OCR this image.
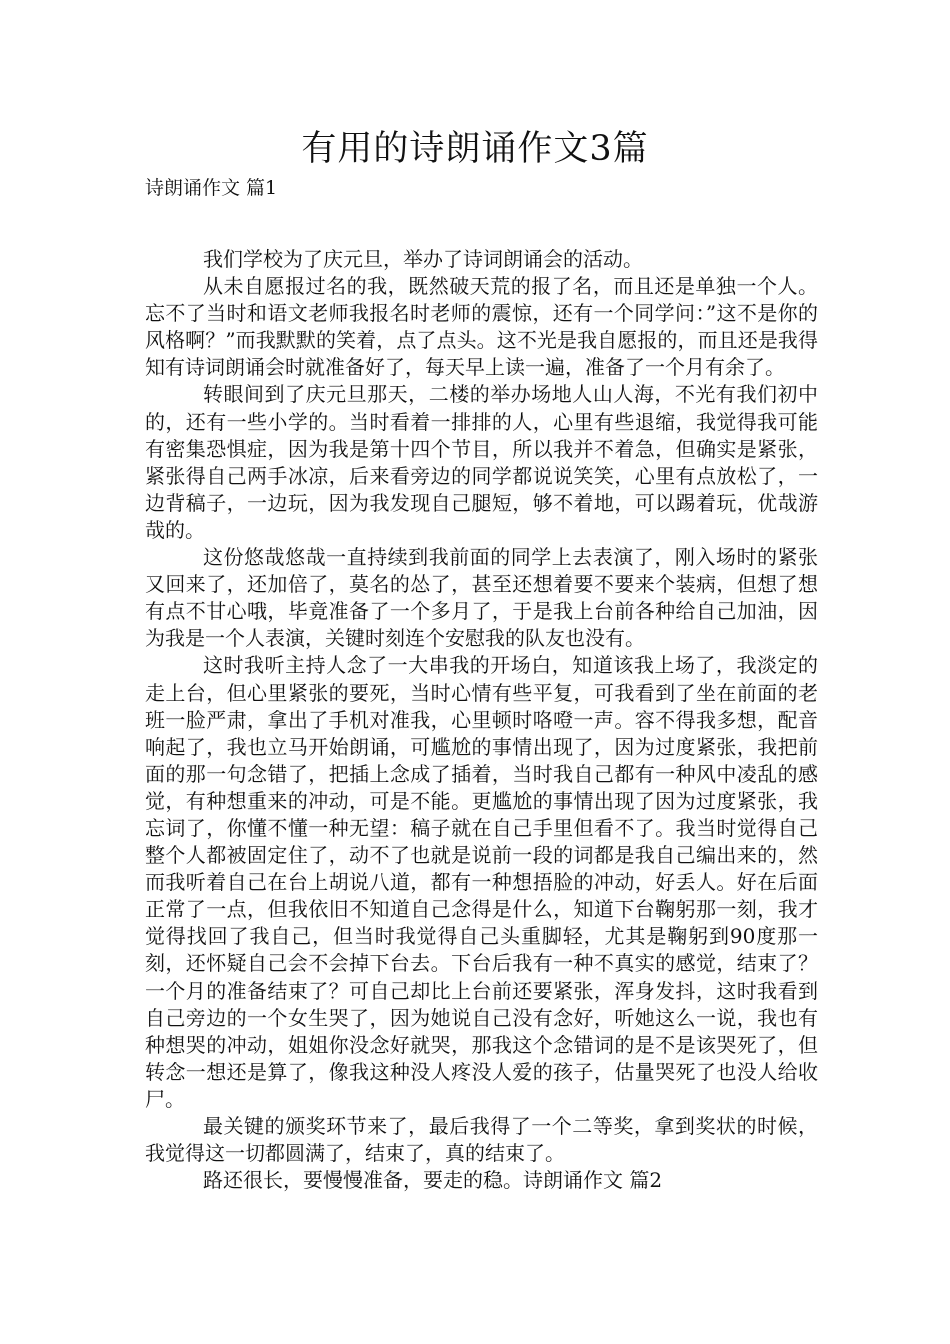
有用的诗朗诵作文3篇
诗朗诵作文 篇1

我们学校为了庆元旦，举办了诗词朗诵会的活动。

从未自愿报过名的我，既然破天荒的报了名，而且还是单独一个人。忘不了当时和语文老师我报名时老师的震惊，还有一个同学问：”这不是你的风格啊？”而我默默的笑着，点了点头。这不光是我自愿报的，而且还是我得知有诗词朗诵会时就准备好了，每天早上读一遍，准备了一个月有余了。

转眼间到了庆元旦那天，二楼的举办场地人山人海，不光有我们初中的，还有一些小学的。当时看着一排排的人，心里有些退缩，我觉得我可能有密集恐惧症，因为我是第十四个节目，所以我并不着急，但确实是紧张，紧张得自己两手冰凉，后来看旁边的同学都说说笑笑，心里有点放松了，一边背稿子，一边玩，因为我发现自己腿短，够不着地，可以踢着玩，优哉游哉的。

这份悠哉悠哉一直持续到我前面的同学上去表演了，刚入场时的紧张又回来了，还加倍了，莫名的怂了，甚至还想着要不要来个装病，但想了想有点不甘心哦，毕竟准备了一个多月了，于是我上台前各种给自己加油，因为我是一个人表演，关键时刻连个安慰我的队友也没有。

这时我听主持人念了一大串我的开场白，知道该我上场了，我淡定的走上台，但心里紧张的要死，当时心情有些平复，可我看到了坐在前面的老班一脸严肃，拿出了手机对准我，心里顿时咯噔一声。容不得我多想，配音响起了，我也立马开始朗诵，可尴尬的事情出现了，因为过度紧张，我把前面的那一句念错了，把插上念成了插着，当时我自己都有一种风中凌乱的感觉，有种想重来的冲动，可是不能。更尴尬的事情出现了因为过度紧张，我忘词了，你懂不懂一种无望：稿子就在自己手里但看不了。我当时觉得自己整个人都被固定住了，动不了也就是说前一段的词都是我自己编出来的，然而我听着自己在台上胡说八道，都有一种想捂脸的冲动，好丢人。好在后面正常了一点，但我依旧不知道自己念得是什么，知道下台鞠躬那一刻，我才觉得找回了我自己，但当时我觉得自己头重脚轻，尤其是鞠躬到90度那一刻，还怀疑自己会不会掉下台去。下台后我有一种不真实的感觉，结束了？一个月的准备结束了？可自己却比上台前还要紧张，浑身发抖，这时我看到自己旁边的一个女生哭了，因为她说自己没有念好，听她这么一说，我也有种想哭的冲动，姐姐你没念好就哭，那我这个念错词的是不是该哭死了，但转念一想还是算了，像我这种没人疼没人爱的孩子，估量哭死了也没人给收尸。

最关键的颁奖环节来了，最后我得了一个二等奖，拿到奖状的时候，我觉得这一切都圆满了，结束了，真的结束了。

路还很长，要慢慢准备，要走的稳。诗朗诵作文 篇2
